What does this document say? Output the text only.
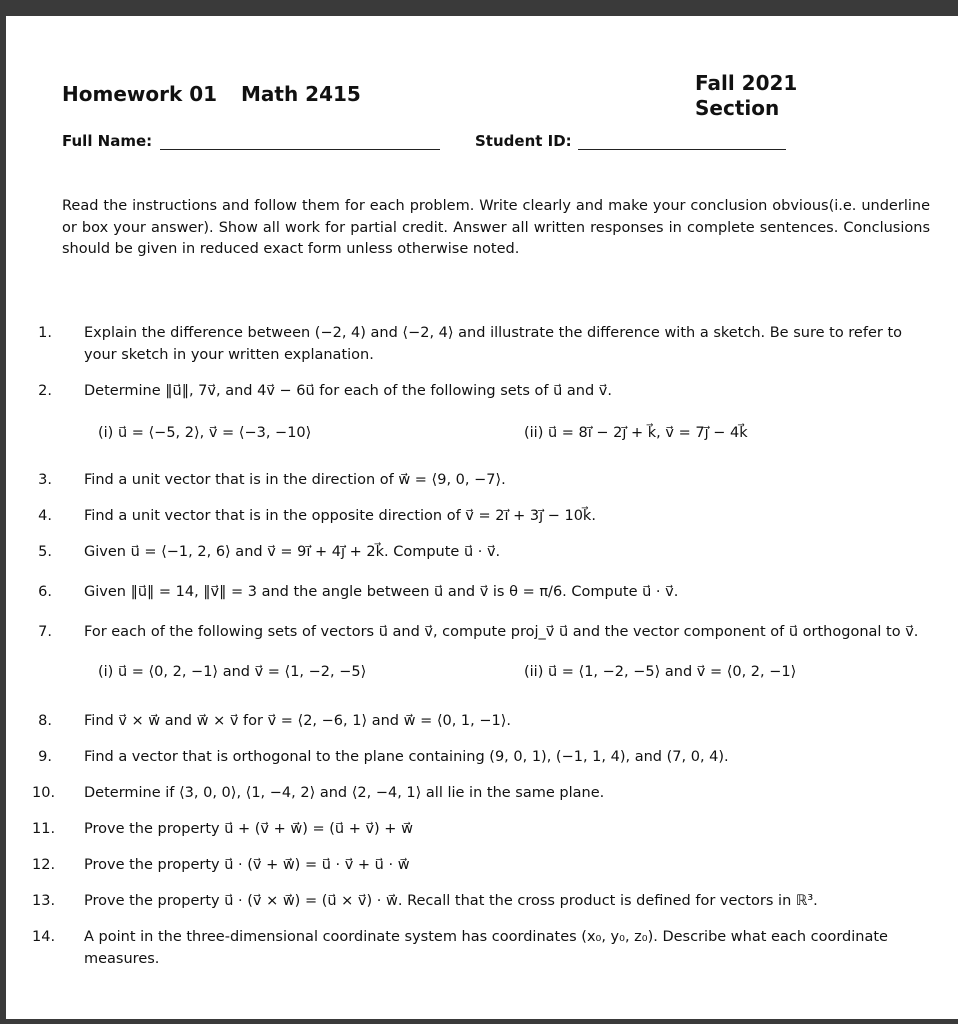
Homework 01 Math 2415	Fall 2021
Section
Full Name:	Student ID:
Read the instructions and follow them for each problem. Write clearly and make your conclusion obvious(i.e. underline or box your answer). Show all work for partial credit. Answer all written responses in complete sentences. Conclusions should be given in reduced exact form unless otherwise noted.
1. Explain the difference between (−2, 4) and ⟨−2, 4⟩ and illustrate the difference with a sketch. Be sure to refer to your sketch in your written explanation.
2. Determine ‖u⃗‖, 7v⃗, and 4v⃗ − 6u⃗ for each of the following sets of u⃗ and v⃗.
(i) u⃗ = ⟨−5, 2⟩, v⃗ = ⟨−3, −10⟩	(ii) u⃗ = 8i⃗ − 2j⃗ + k⃗, v⃗ = 7j⃗ − 4k⃗
3. Find a unit vector that is in the direction of w⃗ = ⟨9, 0, −7⟩.
4. Find a unit vector that is in the opposite direction of v⃗ = 2i⃗ + 3j⃗ − 10k⃗.
5. Given u⃗ = ⟨−1, 2, 6⟩ and v⃗ = 9i⃗ + 4j⃗ + 2k⃗. Compute u⃗ · v⃗.
6. Given ‖u⃗‖ = 14, ‖v⃗‖ = 3 and the angle between u⃗ and v⃗ is θ = π/6. Compute u⃗ · v⃗.
7. For each of the following sets of vectors u⃗ and v⃗, compute proj_v⃗ u⃗ and the vector component of u⃗ orthogonal to v⃗.
(i) u⃗ = ⟨0, 2, −1⟩ and v⃗ = ⟨1, −2, −5⟩	(ii) u⃗ = ⟨1, −2, −5⟩ and v⃗ = ⟨0, 2, −1⟩
8. Find v⃗ × w⃗ and w⃗ × v⃗ for v⃗ = ⟨2, −6, 1⟩ and w⃗ = ⟨0, 1, −1⟩.
9. Find a vector that is orthogonal to the plane containing (9, 0, 1), (−1, 1, 4), and (7, 0, 4).
10. Determine if ⟨3, 0, 0⟩, ⟨1, −4, 2⟩ and ⟨2, −4, 1⟩ all lie in the same plane.
11. Prove the property u⃗ + (v⃗ + w⃗) = (u⃗ + v⃗) + w⃗
12. Prove the property u⃗ · (v⃗ + w⃗) = u⃗ · v⃗ + u⃗ · w⃗
13. Prove the property u⃗ · (v⃗ × w⃗) = (u⃗ × v⃗) · w⃗. Recall that the cross product is defined for vectors in ℝ³.
14. A point in the three-dimensional coordinate system has coordinates (x₀, y₀, z₀). Describe what each coordinate measures.
